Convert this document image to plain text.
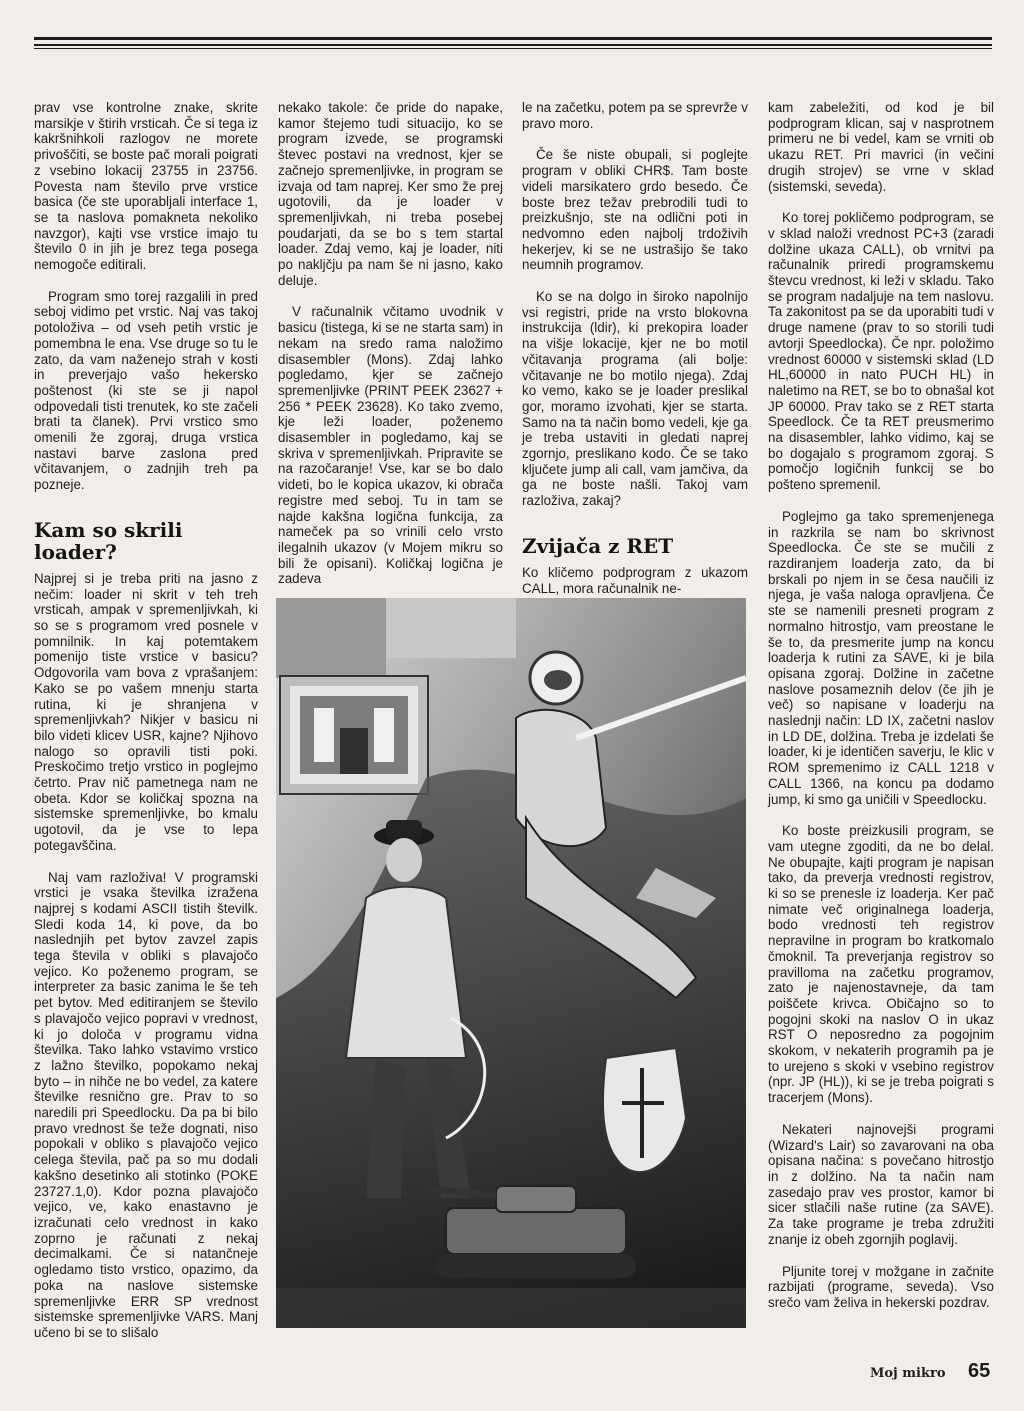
prav vse kontrolne znake, skrite marsikje v štirih vrsticah. Če si tega iz kakršnihkoli razlogov ne morete privoščiti, se boste pač morali poigrati z vsebino lokacij 23755 in 23756. Povesta nam število prve vrstice basica (če ste uporabljali interface 1, se ta naslova pomakneta nekoliko navzgor), kajti vse vrstice imajo tu število 0 in jih je brez tega posega nemogoče editirali.

Program smo torej razgalili in pred seboj vidimo pet vrstic. Naj vas takoj potoloživa – od vseh petih vrstic je pomembna le ena. Vse druge so tu le zato, da vam naženejo strah v kosti in preverjajo vašo hekersko poštenost (ki ste se ji napol odpovedali tisti trenutek, ko ste začeli brati ta članek). Prvi vrstico smo omenili že zgoraj, druga vrstica nastavi barve zaslona pred včitavanjem, o zadnjih treh pa pozneje.

Kam so skrili loader?

Najprej si je treba priti na jasno z nečim: loader ni skrit v teh treh vrsticah, ampak v spremenljivkah, ki so se s programom vred posnele v pomnilnik. In kaj potemtakem pomenijo tiste vrstice v basicu? Odgovorila vam bova z vprašanjem: Kako se po vašem mnenju starta rutina, ki je shranjena v spremenljivkah? Nikjer v basicu ni bilo videti klicev USR, kajne? Njihovo nalogo so opravili tisti poki. Preskočimo tretjo vrstico in poglejmo četrto. Prav nič pametnega nam ne obeta. Kdor se količkaj spozna na sistemske spremenljivke, bo kmalu ugotovil, da je vse to lepa potegavščina.

Naj vam razloživa! V programski vrstici je vsaka številka izražena najprej s kodami ASCII tistih številk. Sledi koda 14, ki pove, da bo naslednjih pet bytov zavzel zapis tega števila v obliki s plavajočo vejico. Ko poženemo program, se interpreter za basic zanima le še teh pet bytov. Med editiranjem se število s plavajočo vejico popravi v vrednost, ki jo določa v programu vidna številka. Tako lahko vstavimo vrstico z lažno številko, popokamo nekaj byto – in nihče ne bo vedel, za katere številke resnično gre. Prav to so naredili pri Speedlocku. Da pa bi bilo pravo vrednost še teže dognati, niso popokali v obliko s plavajočo vejico celega števila, pač pa so mu dodali kakšno desetinko ali stotinko (POKE 23727.1,0). Kdor pozna plavajočo vejico, ve, kako enastavno je izračunati celo vrednost in kako zoprno je računati z nekaj decimalkami. Če si natančneje ogledamo tisto vrstico, opazimo, da poka na naslove sistemske spremenljivke ERR SP vrednost sistemske spremenljivke VARS. Manj učeno bi se to slišalo

nekako takole: če pride do napake, kamor štejemo tudi situacijo, ko se program izvede, se programski števec postavi na vrednost, kjer se začnejo spremenljivke, in program se izvaja od tam naprej. Ker smo že prej ugotovili, da je loader v spremenljivkah, ni treba posebej poudarjati, da se bo s tem startal loader. Zdaj vemo, kaj je loader, niti po nakljčju pa nam še ni jasno, kako deluje.

V računalnik včitamo uvodnik v basicu (tistega, ki se ne starta sam) in nekam na sredo rama naložimo disasembler (Mons). Zdaj lahko pogledamo, kjer se začnejo spremenljivke (PRINT PEEK 23627 + 256 * PEEK 23628). Ko tako zvemo, kje leži loader, poženemo disasembler in pogledamo, kaj se skriva v spremenljivkah. Pripravite se na razočaranje! Vse, kar se bo dalo videti, bo le kopica ukazov, ki obrača registre med seboj. Tu in tam se najde kakšna logična funkcija, za nameček pa so vrinili celo vrsto ilegalnih ukazov (v Mojem mikru so bili že opisani). Količkaj logična je zadeva

le na začetku, potem pa se sprevrže v pravo moro.

Če še niste obupali, si poglejte program v obliki CHR$. Tam boste videli marsikatero grdo besedo. Če boste brez težav prebrodili tudi to preizkušnjo, ste na odlični poti in nedvomno eden najbolj trdoživih hekerjev, ki se ne ustrašijo še tako neumnih programov.

Ko se na dolgo in široko napolnijo vsi registri, pride na vrsto blokovna instrukcija (ldir), ki prekopira loader na višje lokacije, kjer ne bo motil včitavanja programa (ali bolje: včitavanje ne bo motilo njega). Zdaj ko vemo, kako se je loader preslikal gor, moramo izvohati, kjer se starta. Samo na ta način bomo vedeli, kje ga je treba ustaviti in gledati naprej zgornjo, preslikano kodo. Če se tako ključete jump ali call, vam jamčiva, da ga ne boste našli. Takoj vam razloživa, zakaj?

Zvijača z RET

Ko kličemo podprogram z ukazom CALL, mora računalnik ne-

kam zabeležiti, od kod je bil podprogram klican, saj v nasprotnem primeru ne bi vedel, kam se vrniti ob ukazu RET. Pri mavrici (in večini drugih strojev) se vrne v sklad (sistemski, seveda).

Ko torej pokličemo podprogram, se v sklad naloži vrednost PC+3 (zaradi dolžine ukaza CALL), ob vrnitvi pa računalnik priredi programskemu števcu vrednost, ki leži v skladu. Tako se program nadaljuje na tem naslovu. Ta zakonitost pa se da uporabiti tudi v druge namene (prav to so storili tudi avtorji Speedlocka). Če npr. položimo vrednost 60000 v sistemski sklad (LD HL,60000 in nato PUCH HL) in naletimo na RET, se bo to obnašal kot JP 60000. Prav tako se z RET starta Speedlock. Če ta RET preusmerimo na disasembler, lahko vidimo, kaj se bo dogajalo s programom zgoraj. S pomočjo logičnih funkcij se bo pošteno spremenil.

Poglejmo ga tako spremenjenega in razkrila se nam bo skrivnost Speedlocka. Če ste se mučili z razdiranjem loaderja zato, da bi brskali po njem in se česa naučili iz njega, je vaša naloga opravljena. Če ste se namenili presneti program z normalno hitrostjo, vam preostane le še to, da presmerite jump na koncu loaderja k rutini za SAVE, ki je bila opisana zgoraj. Dolžine in začetne naslove posameznih delov (če jih je več) so napisane v loaderju na naslednji način: LD IX, začetni naslov in LD DE, dolžina. Treba je izdelati še loader, ki je identičen saverju, le klic v ROM spremenimo iz CALL 1218 v CALL 1366, na koncu pa dodamo jump, ki smo ga uničili v Speedlocku.

Ko boste preizkusili program, se vam utegne zgoditi, da ne bo delal. Ne obupajte, kajti program je napisan tako, da preverja vrednosti registrov, ki so se prenesle iz loaderja. Ker pač nimate več originalnega loaderja, bodo vrednosti teh registrov nepravilne in program bo kratkomalo čmoknil. Ta preverjanja registrov so pravilloma na začetku programov, zato je najenostavneje, da tam poiščete krivca. Običajno so to pogojni skoki na naslov O in ukaz RST O neposredno za pogojnim skokom, v nekaterih programih pa je to urejeno s skoki v vsebino registrov (npr. JP (HL)), ki se je treba poigrati s tracerjem (Mons).

Nekateri najnovejši programi (Wizard's Lair) so zavarovani na oba opisana načina: s povečano hitrostjo in z dolžino. Na ta način nam zasedajo prav ves prostor, kamor bi sicer stlačili naše rutine (za SAVE). Za take programe je treba združiti znanje iz obeh zgornjih poglavij.

Pljunite torej v možgane in začnite razbijati (programe, seveda). Vso srečo vam želiva in hekerski pozdrav.

Moj mikro 65
